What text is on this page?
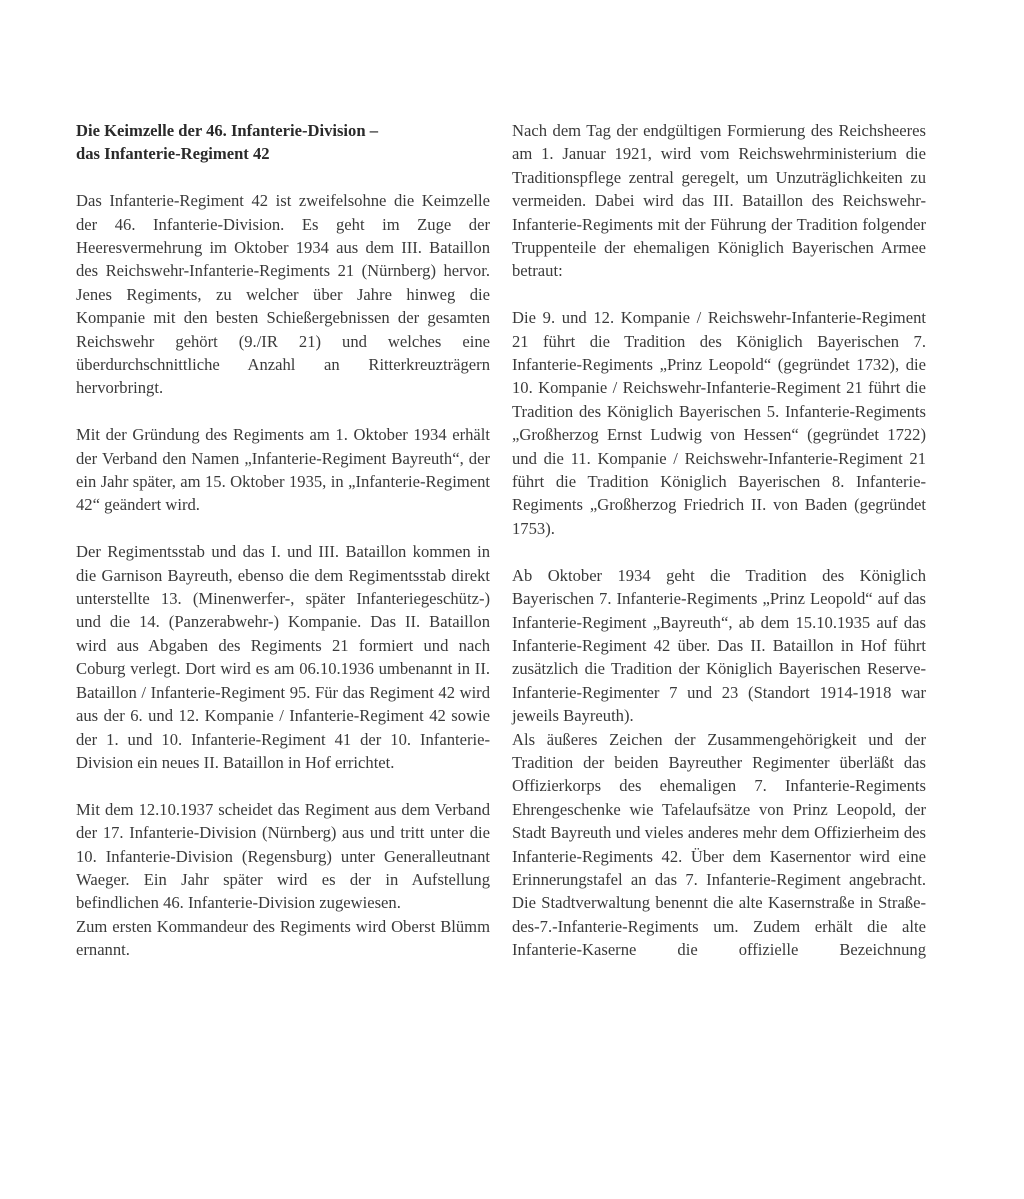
Die Keimzelle der 46. Infanterie-Division –
das Infanterie-Regiment 42

Das Infanterie-Regiment 42 ist zweifelsohne die Keimzelle der 46. Infanterie-Division. Es geht im Zuge der Heeresvermehrung im Oktober 1934 aus dem III. Bataillon des Reichswehr-Infanterie-Regiments 21 (Nürnberg) hervor. Jenes Regiments, zu welcher über Jahre hinweg die Kompanie mit den besten Schießergebnissen der gesamten Reichswehr gehört (9./IR 21) und welches eine überdurchschnittliche Anzahl an Ritterkreuzträgern hervorbringt.

Mit der Gründung des Regiments am 1. Oktober 1934 erhält der Verband den Namen „Infanterie-Regiment Bayreuth“, der ein Jahr später, am 15. Oktober 1935, in „Infanterie-Regiment 42“ geändert wird.

Der Regimentsstab und das I. und III. Bataillon kommen in die Garnison Bayreuth, ebenso die dem Regimentsstab direkt unterstellte 13. (Minenwerfer-, später Infanteriegeschütz-) und die 14. (Panzerabwehr-) Kompanie. Das II. Bataillon wird aus Abgaben des Regiments 21 formiert und nach Coburg verlegt. Dort wird es am 06.10.1936 umbenannt in II. Bataillon / Infanterie-Regiment 95. Für das Regiment 42 wird aus der 6. und 12. Kompanie / Infanterie-Regiment 42 sowie der 1. und 10. Infanterie-Regiment 41 der 10. Infanterie-Division ein neues II. Bataillon in Hof errichtet.

Mit dem 12.10.1937 scheidet das Regiment aus dem Verband der 17. Infanterie-Division (Nürnberg) aus und tritt unter die 10. Infanterie-Division (Regensburg) unter Generalleutnant Waeger. Ein Jahr später wird es der in Aufstellung befindlichen 46. Infanterie-Division zugewiesen.

Zum ersten Kommandeur des Regiments wird Oberst Blümm ernannt.

Nach dem Tag der endgültigen Formierung des Reichsheeres am 1. Januar 1921, wird vom Reichswehrministerium die Traditionspflege zentral geregelt, um Unzuträglichkeiten zu vermeiden. Dabei wird das III. Bataillon des Reichswehr-Infanterie-Regiments mit der Führung der Tradition folgender Truppenteile der ehemaligen Königlich Bayerischen Armee betraut:

Die 9. und 12. Kompanie / Reichswehr-Infanterie-Regiment 21 führt die Tradition des Königlich Bayerischen 7. Infanterie-Regiments „Prinz Leopold“ (gegründet 1732), die 10. Kompanie / Reichswehr-Infanterie-Regiment 21 führt die Tradition des Königlich Bayerischen 5. Infanterie-Regiments „Großherzog Ernst Ludwig von Hessen“ (gegründet 1722) und die 11. Kompanie / Reichswehr-Infanterie-Regiment 21 führt die Tradition Königlich Bayerischen 8. Infanterie-Regiments „Großherzog Friedrich II. von Baden (gegründet 1753).

Ab Oktober 1934 geht die Tradition des Königlich Bayerischen 7. Infanterie-Regiments „Prinz Leopold“ auf das Infanterie-Regiment „Bayreuth“, ab dem 15.10.1935 auf das Infanterie-Regiment 42 über. Das II. Bataillon in Hof führt zusätzlich die Tradition der Königlich Bayerischen Reserve-Infanterie-Regimenter 7 und 23 (Standort 1914-1918 war jeweils Bayreuth).

Als äußeres Zeichen der Zusammengehörigkeit und der Tradition der beiden Bayreuther Regimenter überläßt das Offizierkorps des ehemaligen 7. Infanterie-Regiments Ehrengeschenke wie Tafelaufsätze von Prinz Leopold, der Stadt Bayreuth und vieles anderes mehr dem Offizierheim des Infanterie-Regiments 42. Über dem Kasernentor wird eine Erinnerungstafel an das 7. Infanterie-Regiment angebracht. Die Stadtverwaltung benennt die alte Kasernstraße in Straße-des-7.-Infanterie-Regiments um. Zudem erhält die alte Infanterie-Kaserne die offizielle Bezeichnung
